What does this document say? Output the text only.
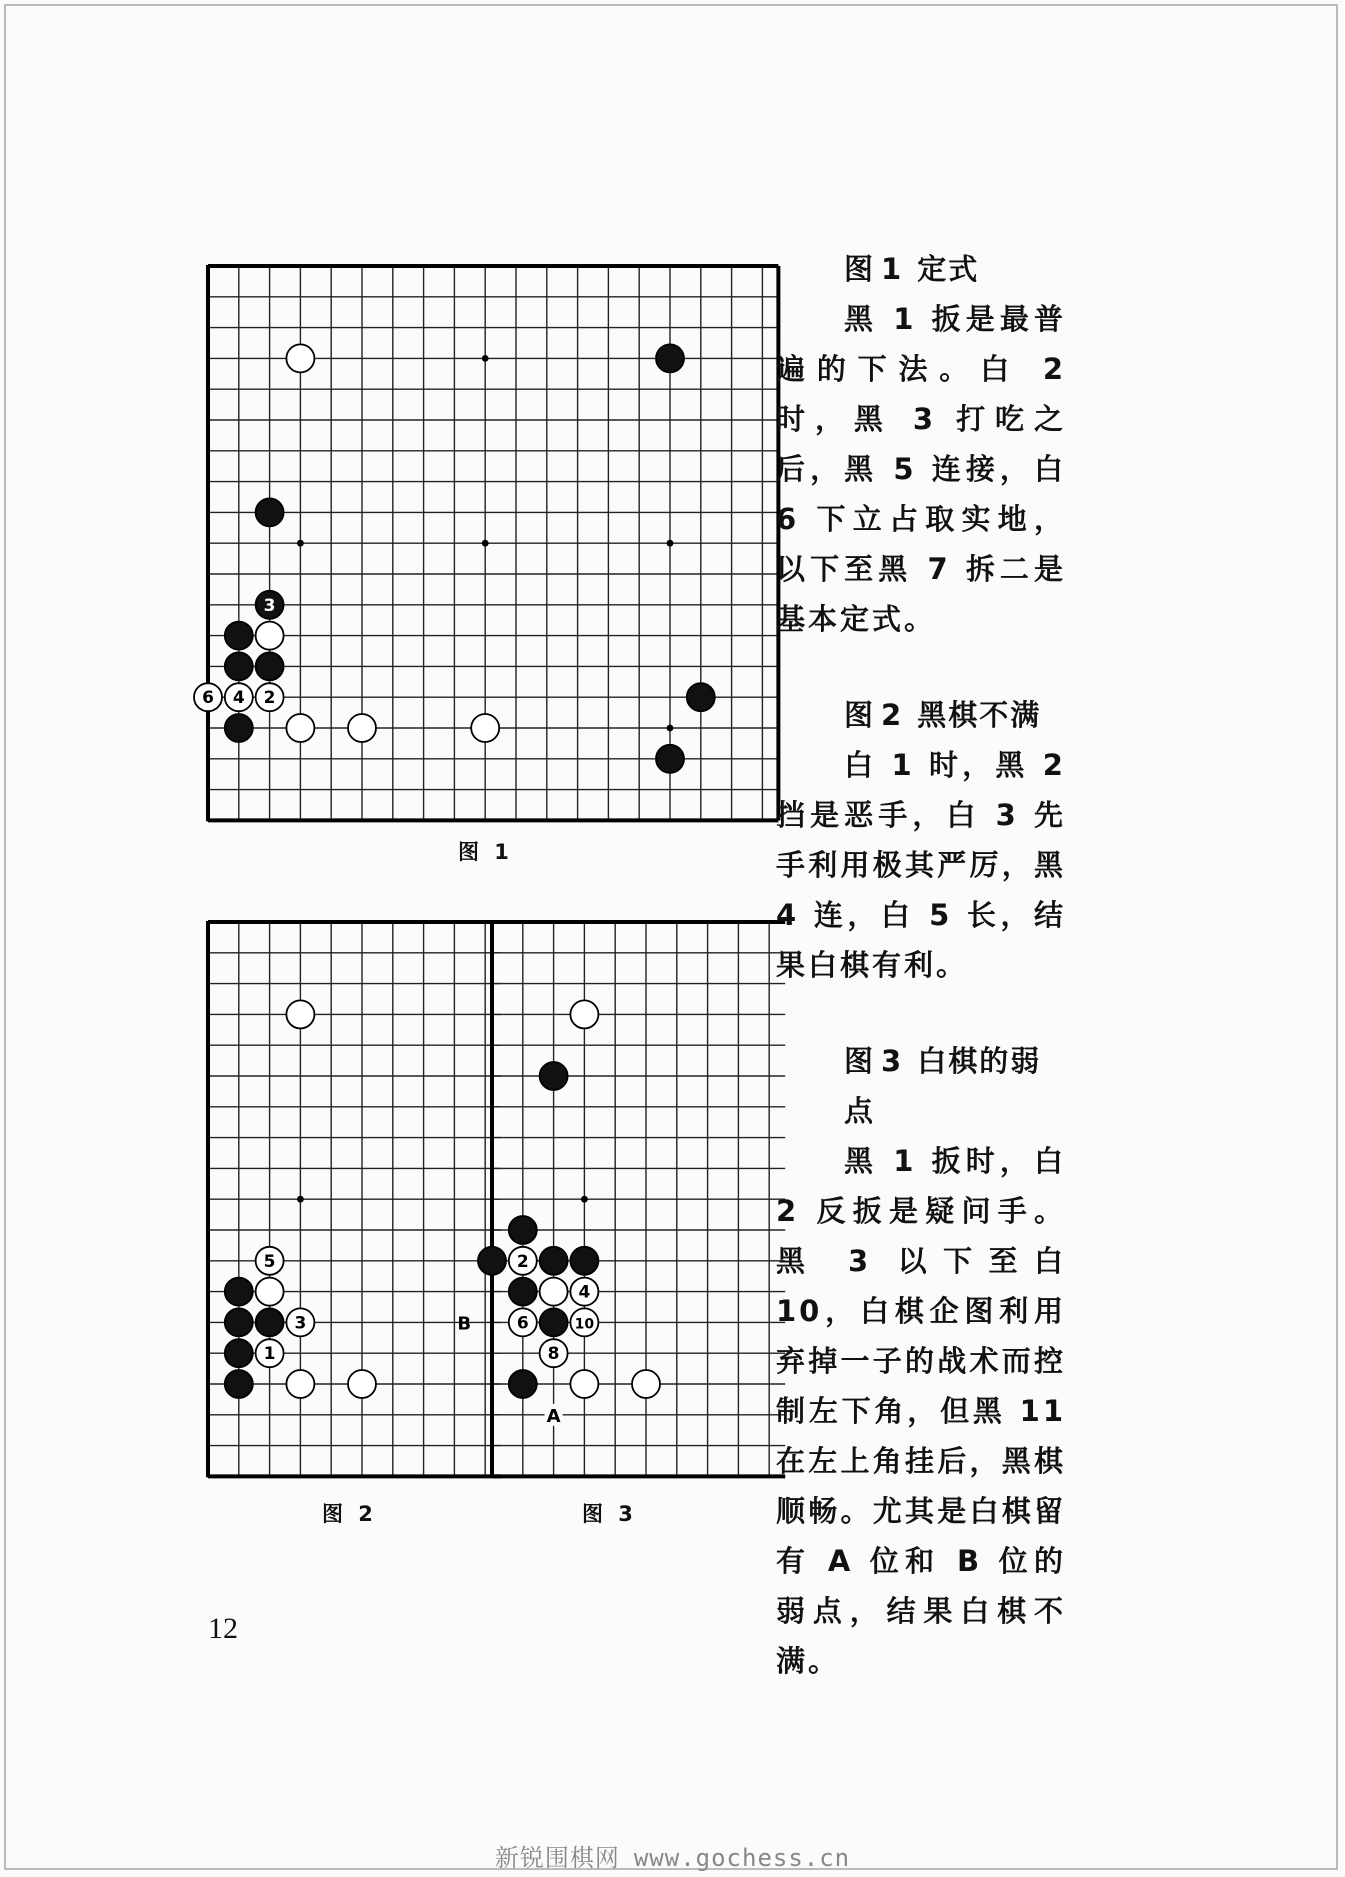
3
6 4 2
图 1
5
3
1
图 2
2
4
6	10
8
B
A
图 3

图 1 定式

黑 1 扳是最普遍的下法。白 2 时，黑 3 打吃之后，黑 5 连接，白 6 下立占取实地，以下至黑 7 拆二是基本定式。

图 2 黑棋不满

白 1 时，黑 2 挡是恶手，白 3 先手利用极其严厉，黑 4 连，白 5 长，结果白棋有利。

图 3 白棋的弱点

黑 1 扳时，白 2 反扳是疑问手。黑 3 以下至白 10，白棋企图利用弃掉一子的战术而控制左下角，但黑 11 在左上角挂后，黑棋顺畅。尤其是白棋留有 A 位和 B 位的弱点，结果白棋不满。

12
新锐围棋网 www.gochess.cn
